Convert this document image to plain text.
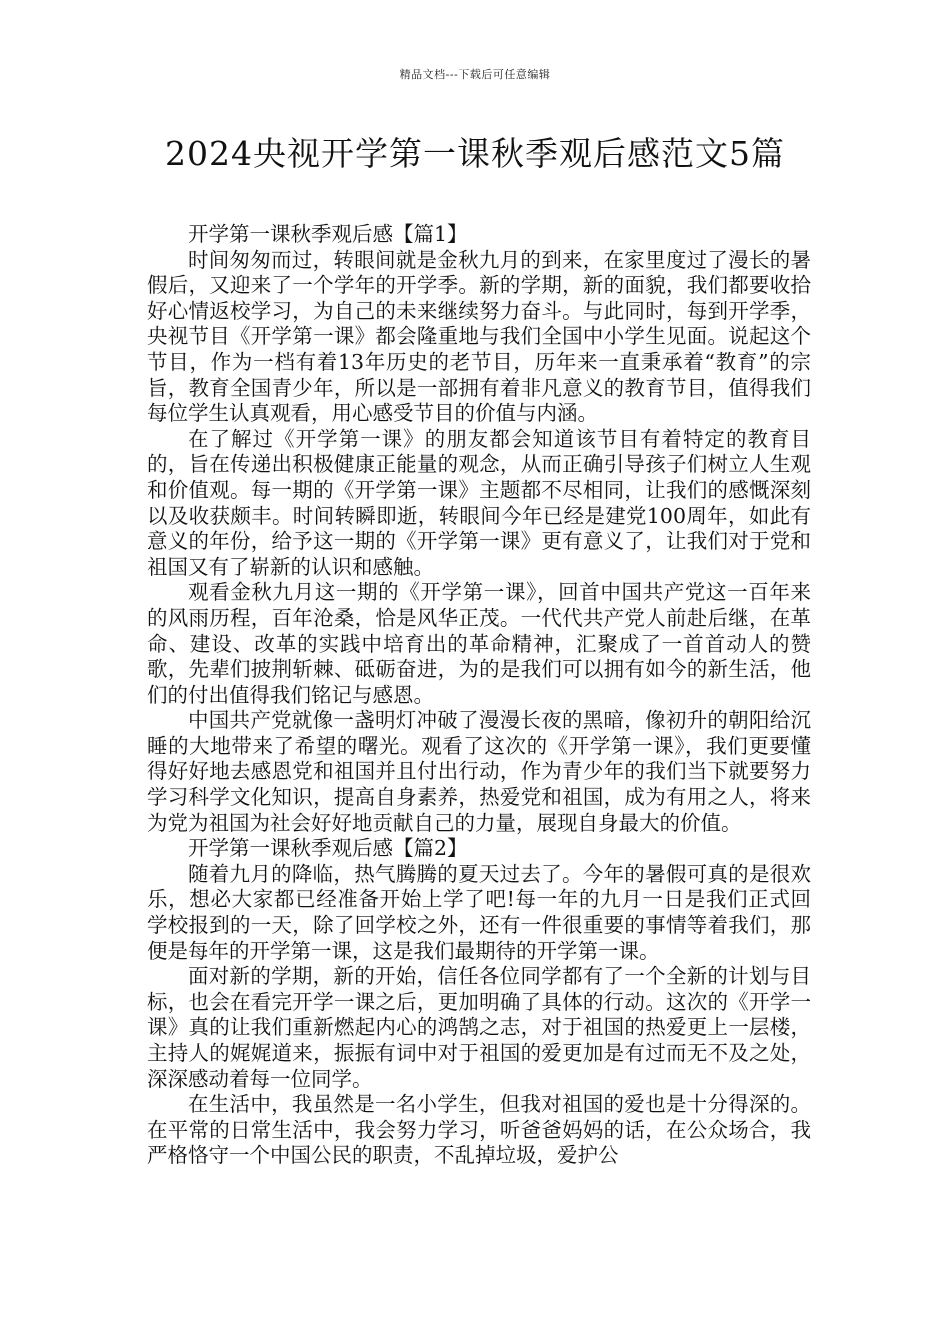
精品文档---下载后可任意编辑
2024央视开学第一课秋季观后感范文5篇

开学第一课秋季观后感【篇1】

时间匆匆而过，转眼间就是金秋九月的到来，在家里度过了漫长的暑假后，又迎来了一个学年的开学季。新的学期，新的面貌，我们都要收拾好心情返校学习，为自己的未来继续努力奋斗。与此同时，每到开学季，央视节目《开学第一课》都会隆重地与我们全国中小学生见面。说起这个节目，作为一档有着13年历史的老节目，历年来一直秉承着“教育”的宗旨，教育全国青少年，所以是一部拥有着非凡意义的教育节目，值得我们每位学生认真观看，用心感受节目的价值与内涵。

在了解过《开学第一课》的朋友都会知道该节目有着特定的教育目的，旨在传递出积极健康正能量的观念，从而正确引导孩子们树立人生观和价值观。每一期的《开学第一课》主题都不尽相同，让我们的感慨深刻以及收获颇丰。时间转瞬即逝，转眼间今年已经是建党100周年，如此有意义的年份，给予这一期的《开学第一课》更有意义了，让我们对于党和祖国又有了崭新的认识和感触。

观看金秋九月这一期的《开学第一课》，回首中国共产党这一百年来的风雨历程，百年沧桑，恰是风华正茂。一代代共产党人前赴后继，在革命、建设、改革的实践中培育出的革命精神，汇聚成了一首首动人的赞歌，先辈们披荆斩棘、砥砺奋进，为的是我们可以拥有如今的新生活，他们的付出值得我们铭记与感恩。

中国共产党就像一盏明灯冲破了漫漫长夜的黑暗，像初升的朝阳给沉睡的大地带来了希望的曙光。观看了这次的《开学第一课》，我们更要懂得好好地去感恩党和祖国并且付出行动，作为青少年的我们当下就要努力学习科学文化知识，提高自身素养，热爱党和祖国，成为有用之人，将来为党为祖国为社会好好地贡献自己的力量，展现自身最大的价值。

开学第一课秋季观后感【篇2】

随着九月的降临，热气腾腾的夏天过去了。今年的暑假可真的是很欢乐，想必大家都已经准备开始上学了吧!每一年的九月一日是我们正式回学校报到的一天，除了回学校之外，还有一件很重要的事情等着我们，那便是每年的开学第一课，这是我们最期待的开学第一课。

面对新的学期，新的开始，信任各位同学都有了一个全新的计划与目标，也会在看完开学一课之后，更加明确了具体的行动。这次的《开学一课》真的让我们重新燃起内心的鸿鹄之志，对于祖国的热爱更上一层楼，主持人的娓娓道来，振振有词中对于祖国的爱更加是有过而无不及之处，深深感动着每一位同学。

在生活中，我虽然是一名小学生，但我对祖国的爱也是十分得深的。在平常的日常生活中，我会努力学习，听爸爸妈妈的话，在公众场合，我严格恪守一个中国公民的职责，不乱掉垃圾，爱护公
